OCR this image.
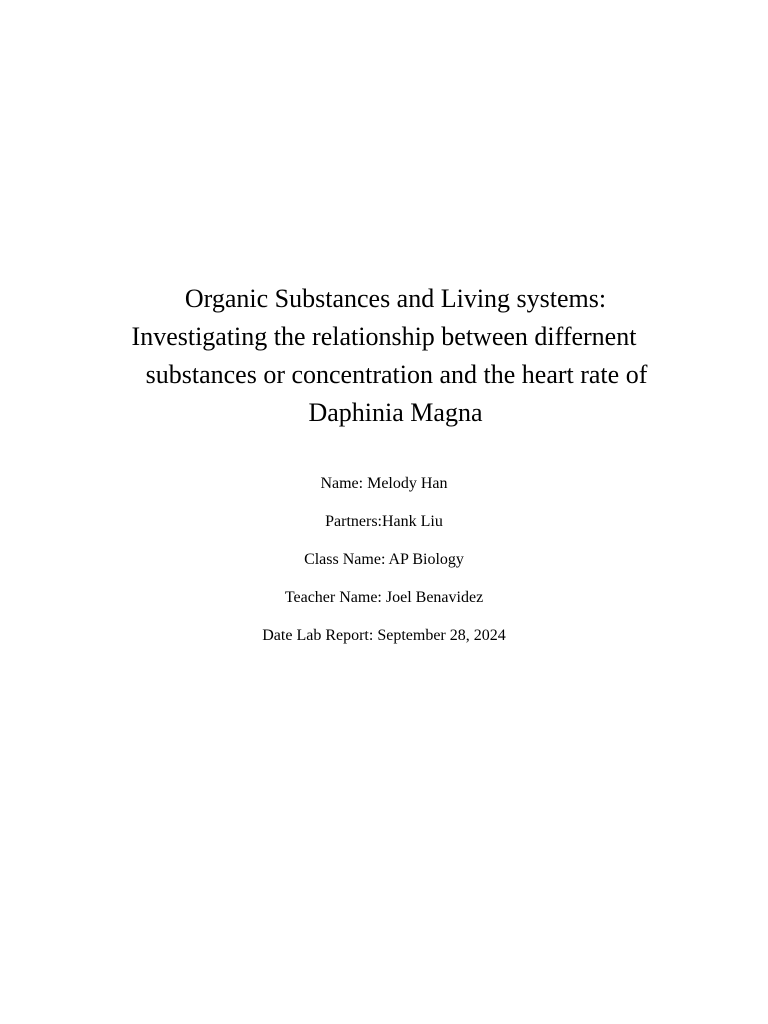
Organic Substances and Living systems:
Investigating the relationship between differnent
substances or concentration and the heart rate of
Daphinia Magna
Name: Melody Han
Partners:Hank Liu
Class Name: AP Biology
Teacher Name: Joel Benavidez
Date Lab Report: September 28, 2024
